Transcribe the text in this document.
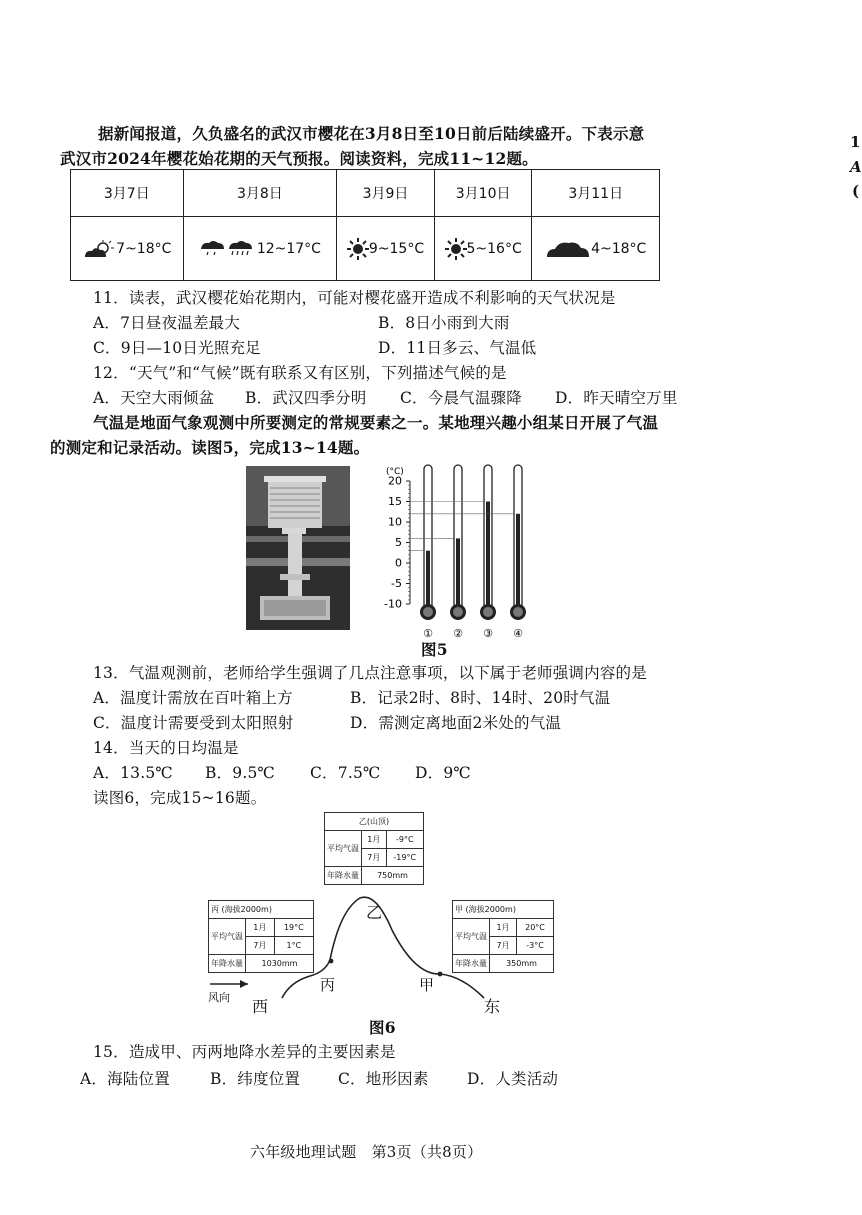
1
A
(
据新闻报道，久负盛名的武汉市樱花在3月8日至10日前后陆续盛开。下表示意
武汉市2024年樱花始花期的天气预报。阅读资料，完成11~12题。
3月7日	3月8日	3月9日	3月10日	3月11日
7~18°C	12~17°C	9~15°C	5~16°C	4~18°C
11．读表，武汉樱花始花期内，可能对樱花盛开造成不利影响的天气状况是
A．7日昼夜温差最大	B．8日小雨到大雨
C．9日—10日光照充足	D．11日多云、气温低
12．“天气”和“气候”既有联系又有区别，下列描述气候的是
A．天空大雨倾盆 B．武汉四季分明 C．今晨气温骤降 D．昨天晴空万里
气温是地面气象观测中所要测定的常规要素之一。某地理兴趣小组某日开展了气温
的测定和记录活动。读图5，完成13~14题。
(°C)
20
15
10
5
0
-5
-10
① ② ③ ④
图5
13．气温观测前，老师给学生强调了几点注意事项，以下属于老师强调内容的是
A．温度计需放在百叶箱上方	B．记录2时、8时、14时、20时气温
C．温度计需要受到太阳照射	D．需测定离地面2米处的气温
14．当天的日均温是
A．13.5℃ B．9.5℃ C．7.5℃ D．9℃
读图6，完成15~16题。
风向 西	东
丙	甲
乙
乙(山顶)		
平均气温	1月	-9°C
	7月	-19°C
年降水量	750mm	
丙 (海拔2000m)		
平均气温	1月	19°C
	7月	1°C
年降水量	1030mm	
甲 (海拔2000m)		
平均气温	1月	20°C
	7月	-3°C
年降水量	350mm	
图6
15．造成甲、丙两地降水差异的主要因素是
A．海陆位置	B．纬度位置 C．地形因素 D．人类活动
六年级地理试题　第3页（共8页）
